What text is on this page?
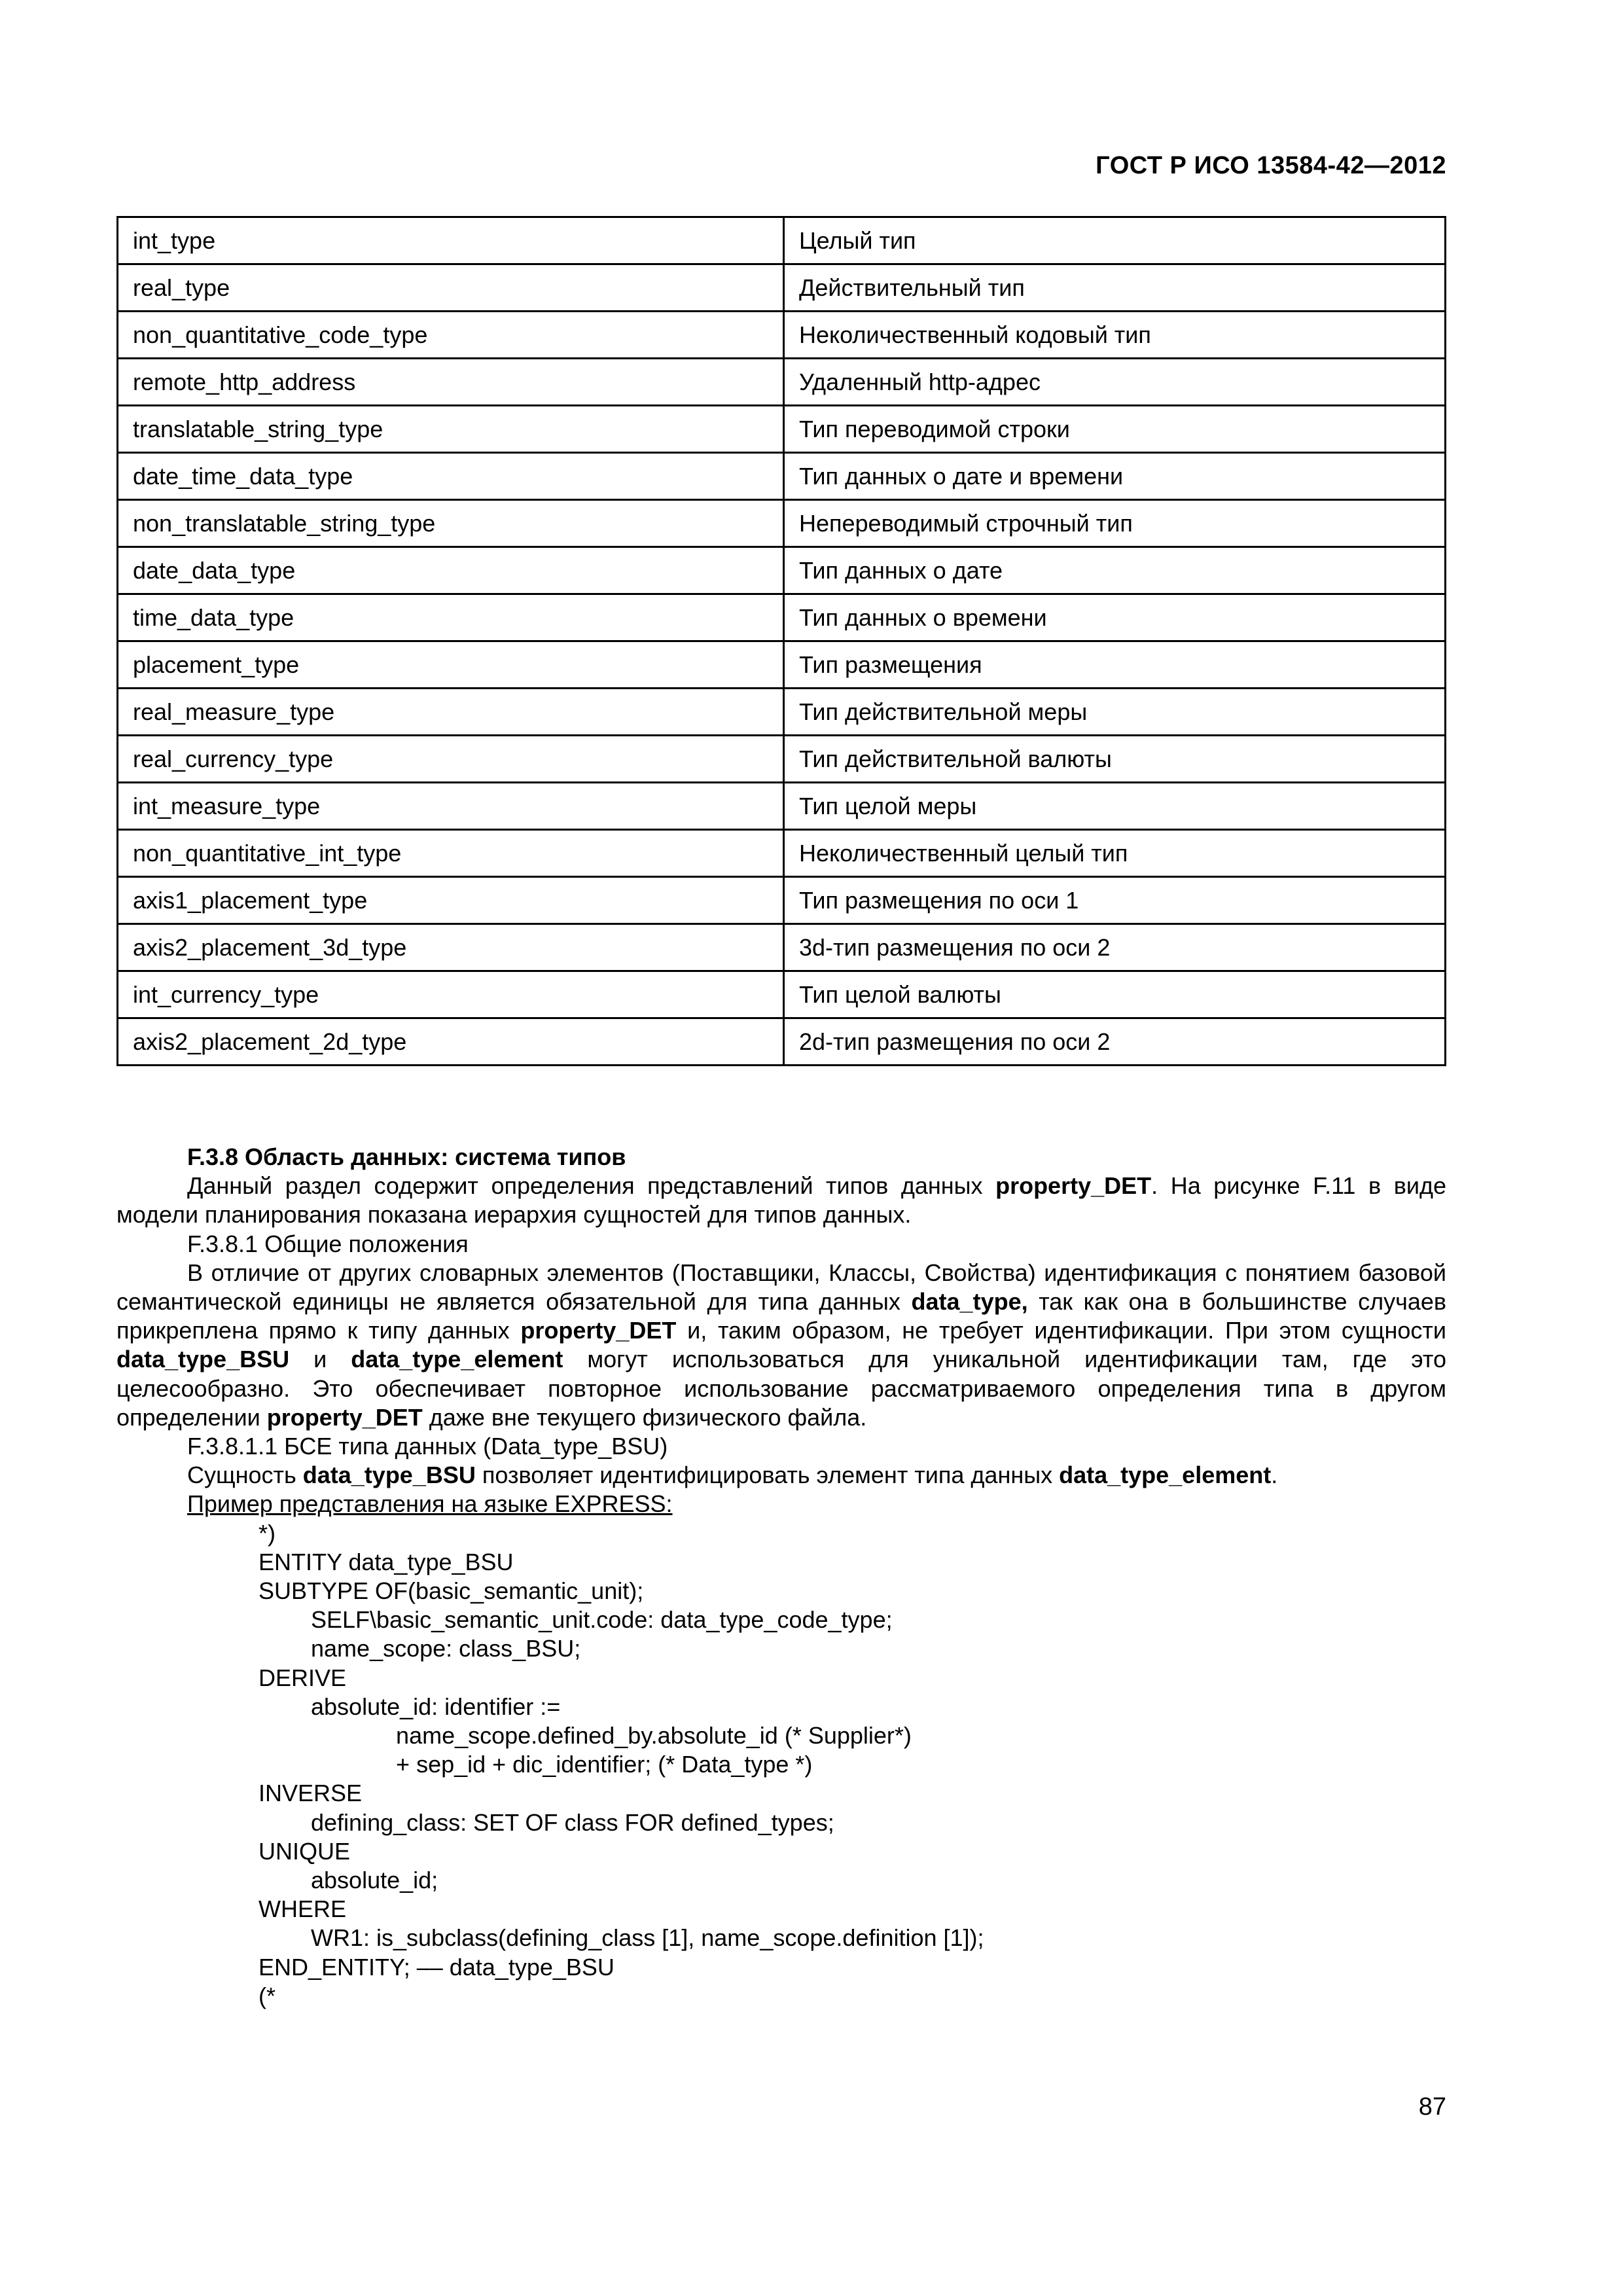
ГОСТ Р ИСО 13584-42—2012
int_type	Целый тип
real_type	Действительный тип
non_quantitative_code_type	Неколичественный кодовый тип
remote_http_address	Удаленный http-адрес
translatable_string_type	Тип переводимой строки
date_time_data_type	Тип данных о дате и времени
non_translatable_string_type	Непереводимый строчный тип
date_data_type	Тип данных о дате
time_data_type	Тип данных о времени
placement_type	Тип размещения
real_measure_type	Тип действительной меры
real_currency_type	Тип действительной валюты
int_measure_type	Тип целой меры
non_quantitative_int_type	Неколичественный целый тип
axis1_placement_type	Тип размещения по оси 1
axis2_placement_3d_type	3d-тип размещения по оси 2
int_currency_type	Тип целой валюты
axis2_placement_2d_type	2d-тип размещения по оси 2

F.3.8 Область данных: система типов

Данный раздел содержит определения представлений типов данных property_DET. На рисунке F.11 в виде модели планирования показана иерархия сущностей для типов данных.

F.3.8.1 Общие положения

В отличие от других словарных элементов (Поставщики, Классы, Свойства) идентификация с понятием базовой семантической единицы не является обязательной для типа данных data_type, так как она в большинстве случаев прикреплена прямо к типу данных property_DET и, таким образом, не требует идентификации. При этом сущности data_type_BSU и data_type_element могут использоваться для уникальной идентификации там, где это целесообразно. Это обеспечивает повторное использование рассматриваемого определения типа в другом определении property_DET даже вне текущего физического файла.

F.3.8.1.1 БСЕ типа данных (Data_type_BSU)

Сущность data_type_BSU позволяет идентифицировать элемент типа данных data_type_element.

Пример представления на языке EXPRESS:

*)
ENTITY data_type_BSU
SUBTYPE OF(basic_semantic_unit);
SELF\basic_semantic_unit.code: data_type_code_type;
name_scope: class_BSU;
DERIVE
absolute_id: identifier :=
name_scope.defined_by.absolute_id (* Supplier*)
+ sep_id + dic_identifier; (* Data_type *)
INVERSE
defining_class: SET OF class FOR defined_types;
UNIQUE
absolute_id;
WHERE
WR1: is_subclass(defining_class [1], name_scope.definition [1]);
END_ENTITY; –– data_type_BSU
(*
87
